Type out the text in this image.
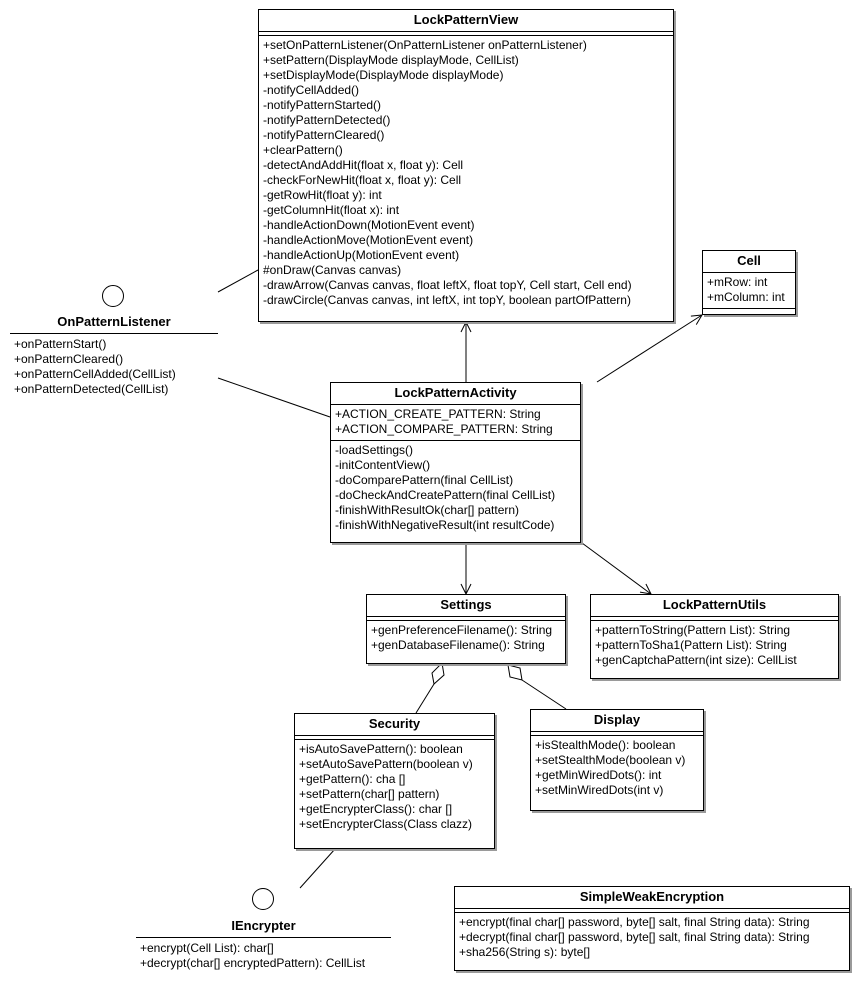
LockPatternView
+setOnPatternListener(OnPatternListener onPatternListener)
+setPattern(DisplayMode displayMode, CellList)
+setDisplayMode(DisplayMode displayMode)
-notifyCellAdded()
-notifyPatternStarted()
-notifyPatternDetected()
-notifyPatternCleared()
+clearPattern()
-detectAndAddHit(float x, float y): Cell
-checkForNewHit(float x, float y): Cell
-getRowHit(float y): int
-getColumnHit(float x): int
-handleActionDown(MotionEvent event)
-handleActionMove(MotionEvent event)
-handleActionUp(MotionEvent event)
#onDraw(Canvas canvas)
-drawArrow(Canvas canvas, float leftX, float topY, Cell start, Cell end)
-drawCircle(Canvas canvas, int leftX, int topY, boolean partOfPattern)
Cell
+mRow: int
+mColumn: int
OnPatternListener
+onPatternStart()
+onPatternCleared()
+onPatternCellAdded(CellList)
+onPatternDetected(CellList)	LockPatternActivity
+ACTION_CREATE_PATTERN: String
+ACTION_COMPARE_PATTERN: String
-loadSettings()
-initContentView()
-doComparePattern(final CellList)
-doCheckAndCreatePattern(final CellList)
-finishWithResultOk(char[] pattern)
-finishWithNegativeResult(int resultCode)
Settings
+genPreferenceFilename(): String
+genDatabaseFilename(): String
LockPatternUtils
+patternToString(Pattern List): String
+patternToSha1(Pattern List): String
+genCaptchaPattern(int size): CellList
Security
+isAutoSavePattern(): boolean
+setAutoSavePattern(boolean v)
+getPattern(): cha []
+setPattern(char[] pattern)
+getEncrypterClass(): char []
+setEncrypterClass(Class clazz)
Display
+isStealthMode(): boolean
+setStealthMode(boolean v)
+getMinWiredDots(): int
+setMinWiredDots(int v)
IEncrypter
+encrypt(Cell List): char[]
+decrypt(char[] encryptedPattern): CellList
SimpleWeakEncryption
+encrypt(final char[] password, byte[] salt, final String data): String
+decrypt(final char[] password, byte[] salt, final String data): String
+sha256(String s): byte[]
